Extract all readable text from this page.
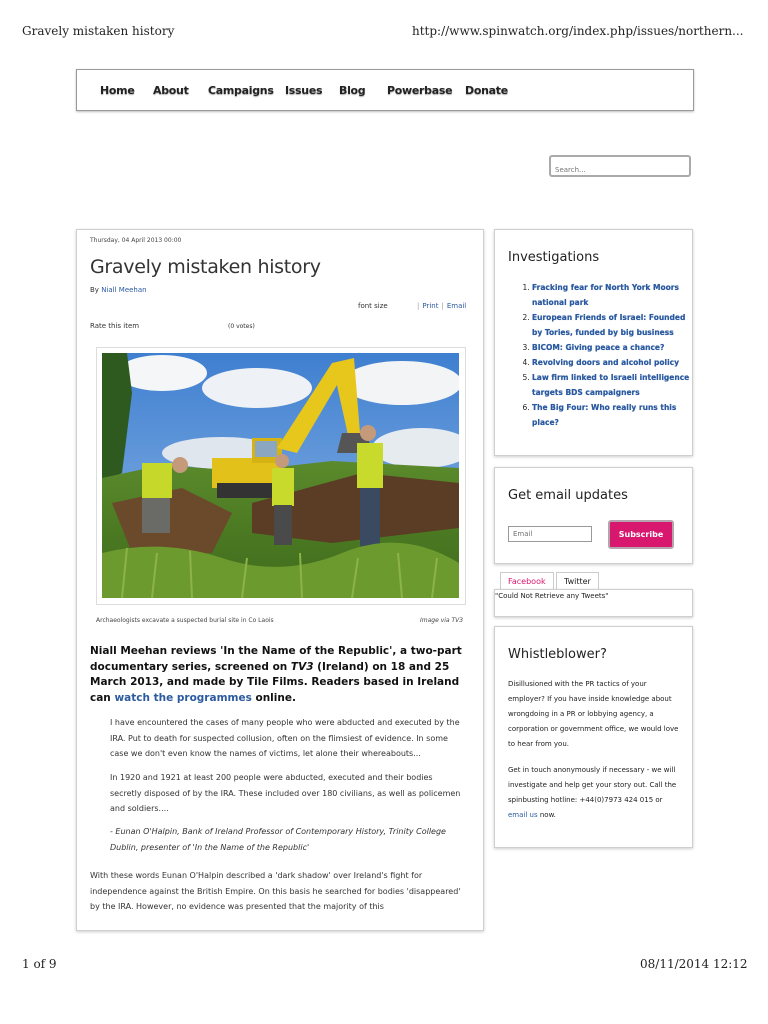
Gravely mistaken history	http://www.spinwatch.org/index.php/issues/northern...
Home About Campaigns Issues Blog Powerbase Donate
Search...
Thursday, 04 April 2013 00:00
Gravely mistaken history
By Niall Meehan
font size	| Print | Email
Rate this item	(0 votes)
Archaeologists excavate a suspected burial site in Co Laois	Image via TV3
Niall Meehan reviews 'In the Name of the Republic', a two-part documentary series, screened on TV3 (Ireland) on 18 and 25 March 2013, and made by Tile Films. Readers based in Ireland can watch the programmes online.
I have encountered the cases of many people who were abducted and executed by the IRA. Put to death for suspected collusion, often on the flimsiest of evidence. In some case we don't even know the names of victims, let alone their whereabouts...
In 1920 and 1921 at least 200 people were abducted, executed and their bodies secretly disposed of by the IRA. These included over 180 civilians, as well as policemen and soldiers....
- Eunan O'Halpin, Bank of Ireland Professor of Contemporary History, Trinity College Dublin, presenter of 'In the Name of the Republic'
With these words Eunan O'Halpin described a 'dark shadow' over Ireland's fight for independence against the British Empire. On this basis he searched for bodies 'disappeared' by the IRA. However, no evidence was presented that the majority of this
Investigations
1. Fracking fear for North York Moors national park
2. European Friends of Israel: Founded by Tories, funded by big business
3. BICOM: Giving peace a chance?
4. Revolving doors and alcohol policy
5. Law firm linked to Israeli intelligence targets BDS campaigners
6. The Big Four: Who really runs this place?
Get email updates
Email
Subscribe
Facebook	Twitter
"Could Not Retrieve any Tweets"
Whistleblower?
Disillusioned with the PR tactics of your employer? If you have inside knowledge about wrongdoing in a PR or lobbying agency, a corporation or government office, we would love to hear from you.
Get in touch anonymously if necessary - we will investigate and help get your story out. Call the spinbusting hotline: +44(0)7973 424 015 or email us now.
1 of 9	08/11/2014 12:12
